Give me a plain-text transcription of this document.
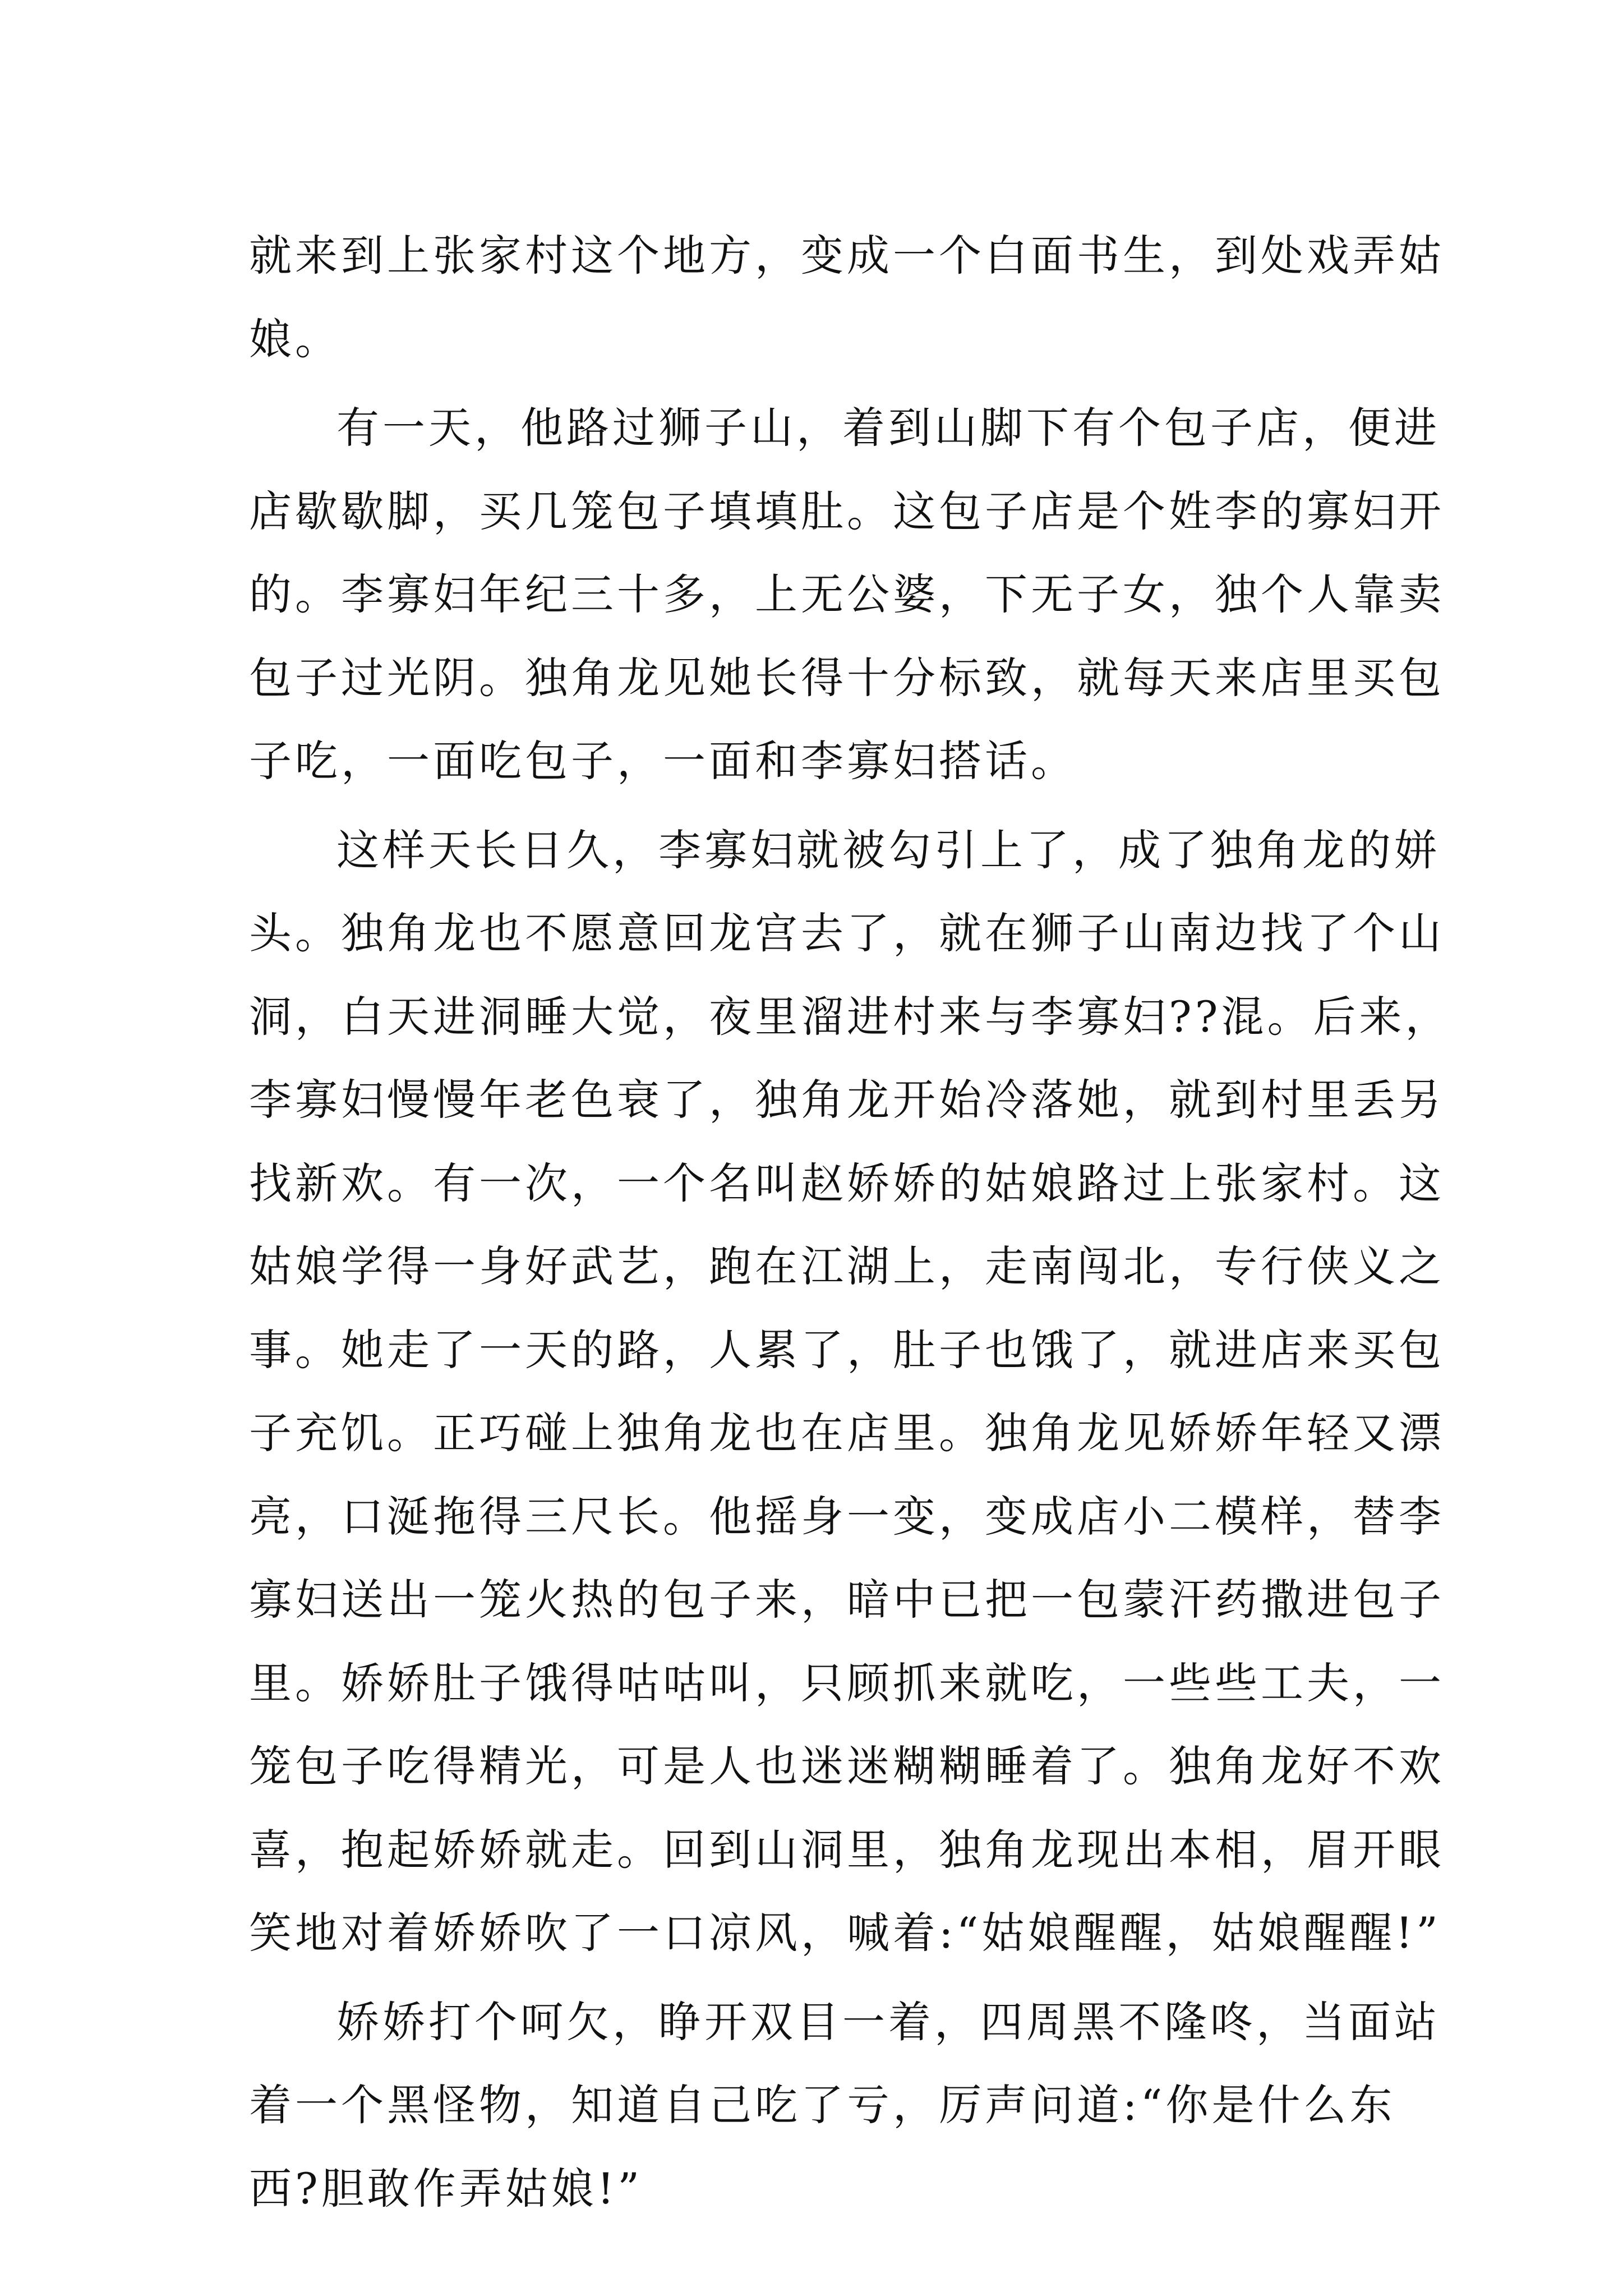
就来到上张家村这个地方，变成一个白面书生，到处戏弄姑
娘。
有一天，他路过狮子山，着到山脚下有个包子店，便进
店歇歇脚，买几笼包子填填肚。这包子店是个姓李的寡妇开
的。李寡妇年纪三十多，上无公婆，下无子女，独个人靠卖
包子过光阴。独角龙见她长得十分标致，就每天来店里买包
子吃，一面吃包子，一面和李寡妇搭话。
这样天长日久，李寡妇就被勾引上了，成了独角龙的姘
头。独角龙也不愿意回龙宫去了，就在狮子山南边找了个山
洞，白天进洞睡大觉，夜里溜进村来与李寡妇??混。后来，
李寡妇慢慢年老色衰了，独角龙开始冷落她，就到村里丢另
找新欢。有一次，一个名叫赵娇娇的姑娘路过上张家村。这
姑娘学得一身好武艺，跑在江湖上，走南闯北，专行侠义之
事。她走了一天的路，人累了，肚子也饿了，就进店来买包
子充饥。正巧碰上独角龙也在店里。独角龙见娇娇年轻又漂
亮，口涎拖得三尺长。他摇身一变，变成店小二模样，替李
寡妇送出一笼火热的包子来，暗中已把一包蒙汗药撒进包子
里。娇娇肚子饿得咕咕叫，只顾抓来就吃，一些些工夫，一
笼包子吃得精光，可是人也迷迷糊糊睡着了。独角龙好不欢
喜，抱起娇娇就走。回到山洞里，独角龙现出本相，眉开眼
笑地对着娇娇吹了一口凉风，喊着:“姑娘醒醒，姑娘醒醒!”
娇娇打个呵欠，睁开双目一着，四周黑不隆咚，当面站
着一个黑怪物，知道自己吃了亏，厉声问道:“你是什么东
西?胆敢作弄姑娘!”
